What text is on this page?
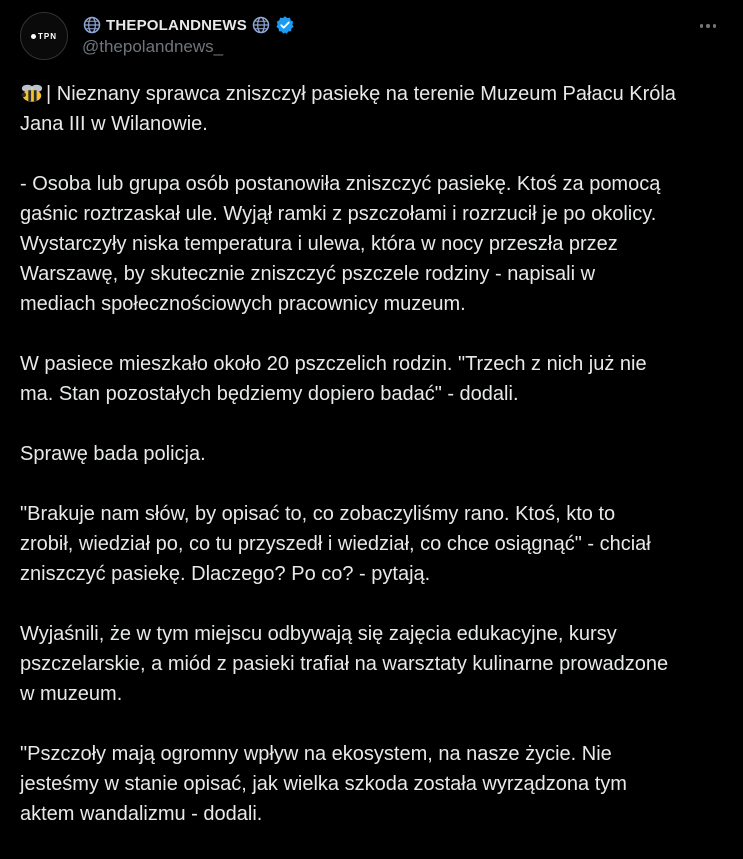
TPN
THEPOLANDNEWS
@thepolandnews_
| Nieznany sprawca zniszczył pasiekę na terenie Muzeum Pałacu Króla
Jana III w Wilanowie.
- Osoba lub grupa osób postanowiła zniszczyć pasiekę. Ktoś za pomocą
gaśnic roztrzaskał ule. Wyjął ramki z pszczołami i rozrzucił je po okolicy.
Wystarczyły niska temperatura i ulewa, która w nocy przeszła przez
Warszawę, by skutecznie zniszczyć pszczele rodziny - napisali w
mediach społecznościowych pracownicy muzeum.
W pasiece mieszkało około 20 pszczelich rodzin. "Trzech z nich już nie
ma. Stan pozostałych będziemy dopiero badać" - dodali.
Sprawę bada policja.
"Brakuje nam słów, by opisać to, co zobaczyliśmy rano. Ktoś, kto to
zrobił, wiedział po, co tu przyszedł i wiedział, co chce osiągnąć" - chciał
zniszczyć pasiekę. Dlaczego? Po co? - pytają.
Wyjaśnili, że w tym miejscu odbywają się zajęcia edukacyjne, kursy
pszczelarskie, a miód z pasieki trafiał na warsztaty kulinarne prowadzone
w muzeum.
"Pszczoły mają ogromny wpływ na ekosystem, na nasze życie. Nie
jesteśmy w stanie opisać, jak wielka szkoda została wyrządzona tym
aktem wandalizmu - dodali.
